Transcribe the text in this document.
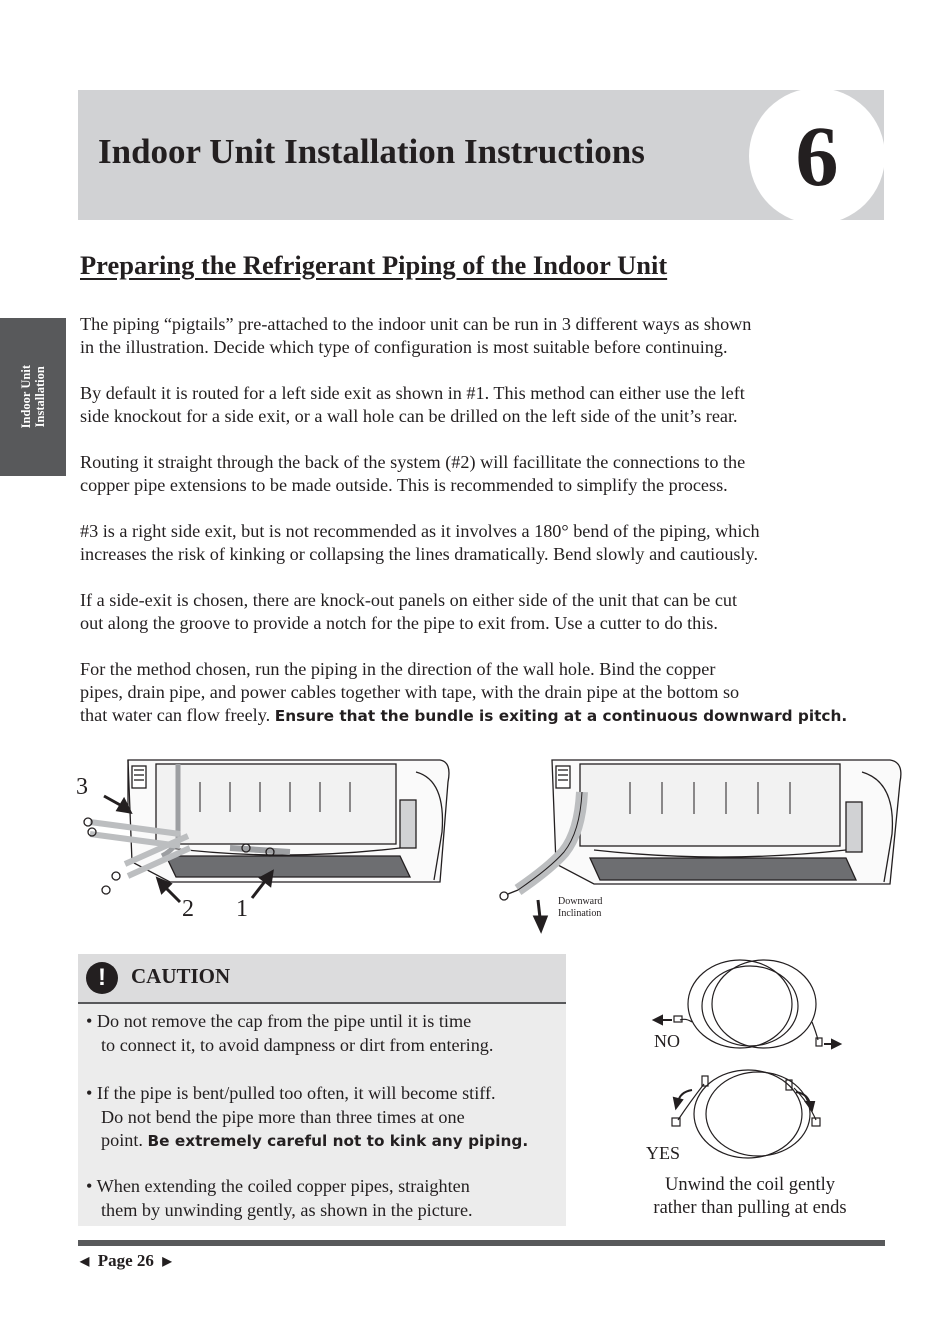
Indoor Unit Installation Instructions	6
Indoor Unit
Installation
Preparing the Refrigerant Piping of the Indoor Unit

The piping “pigtails” pre-attached to the indoor unit can be run in 3 different ways as shown
in the illustration. Decide which type of configuration is most suitable before continuing.

By default it is routed for a left side exit as shown in #1. This method can either use the left
side knockout for a side exit, or a wall hole can be drilled on the left side of the unit’s rear.

Routing it straight through the back of the system (#2) will facillitate the connections to the
copper pipe extensions to be made outside. This is recommended to simplify the process.

#3 is a right side exit, but is not recommended as it involves a 180° bend of the piping, which
increases the risk of kinking or collapsing the lines dramatically. Bend slowly and cautiously.

If a side-exit is chosen, there are knock-out panels on either side of the unit that can be cut
out along the groove to provide a notch for the pipe to exit from. Use a cutter to do this.

For the method chosen, run the piping in the direction of the wall hole. Bind the copper
pipes, drain pipe, and power cables together with tape, with the drain pipe at the bottom so
that water can flow freely. Ensure that the bundle is exiting at a continuous downward pitch.

3
2 1	Downward Inclination
!	CAUTION

• Do not remove the cap from the pipe until it is time
to connect it, to avoid dampness or dirt from entering.

• If the pipe is bent/pulled too often, it will become stiff.
Do not bend the pipe more than three times at one
point. Be extremely careful not to kink any piping.

• When extending the coiled copper pipes, straighten
them by unwinding gently, as shown in the picture.

NO
YES
Unwind the coil gently
rather than pulling at ends
◀ Page 26 ▶
